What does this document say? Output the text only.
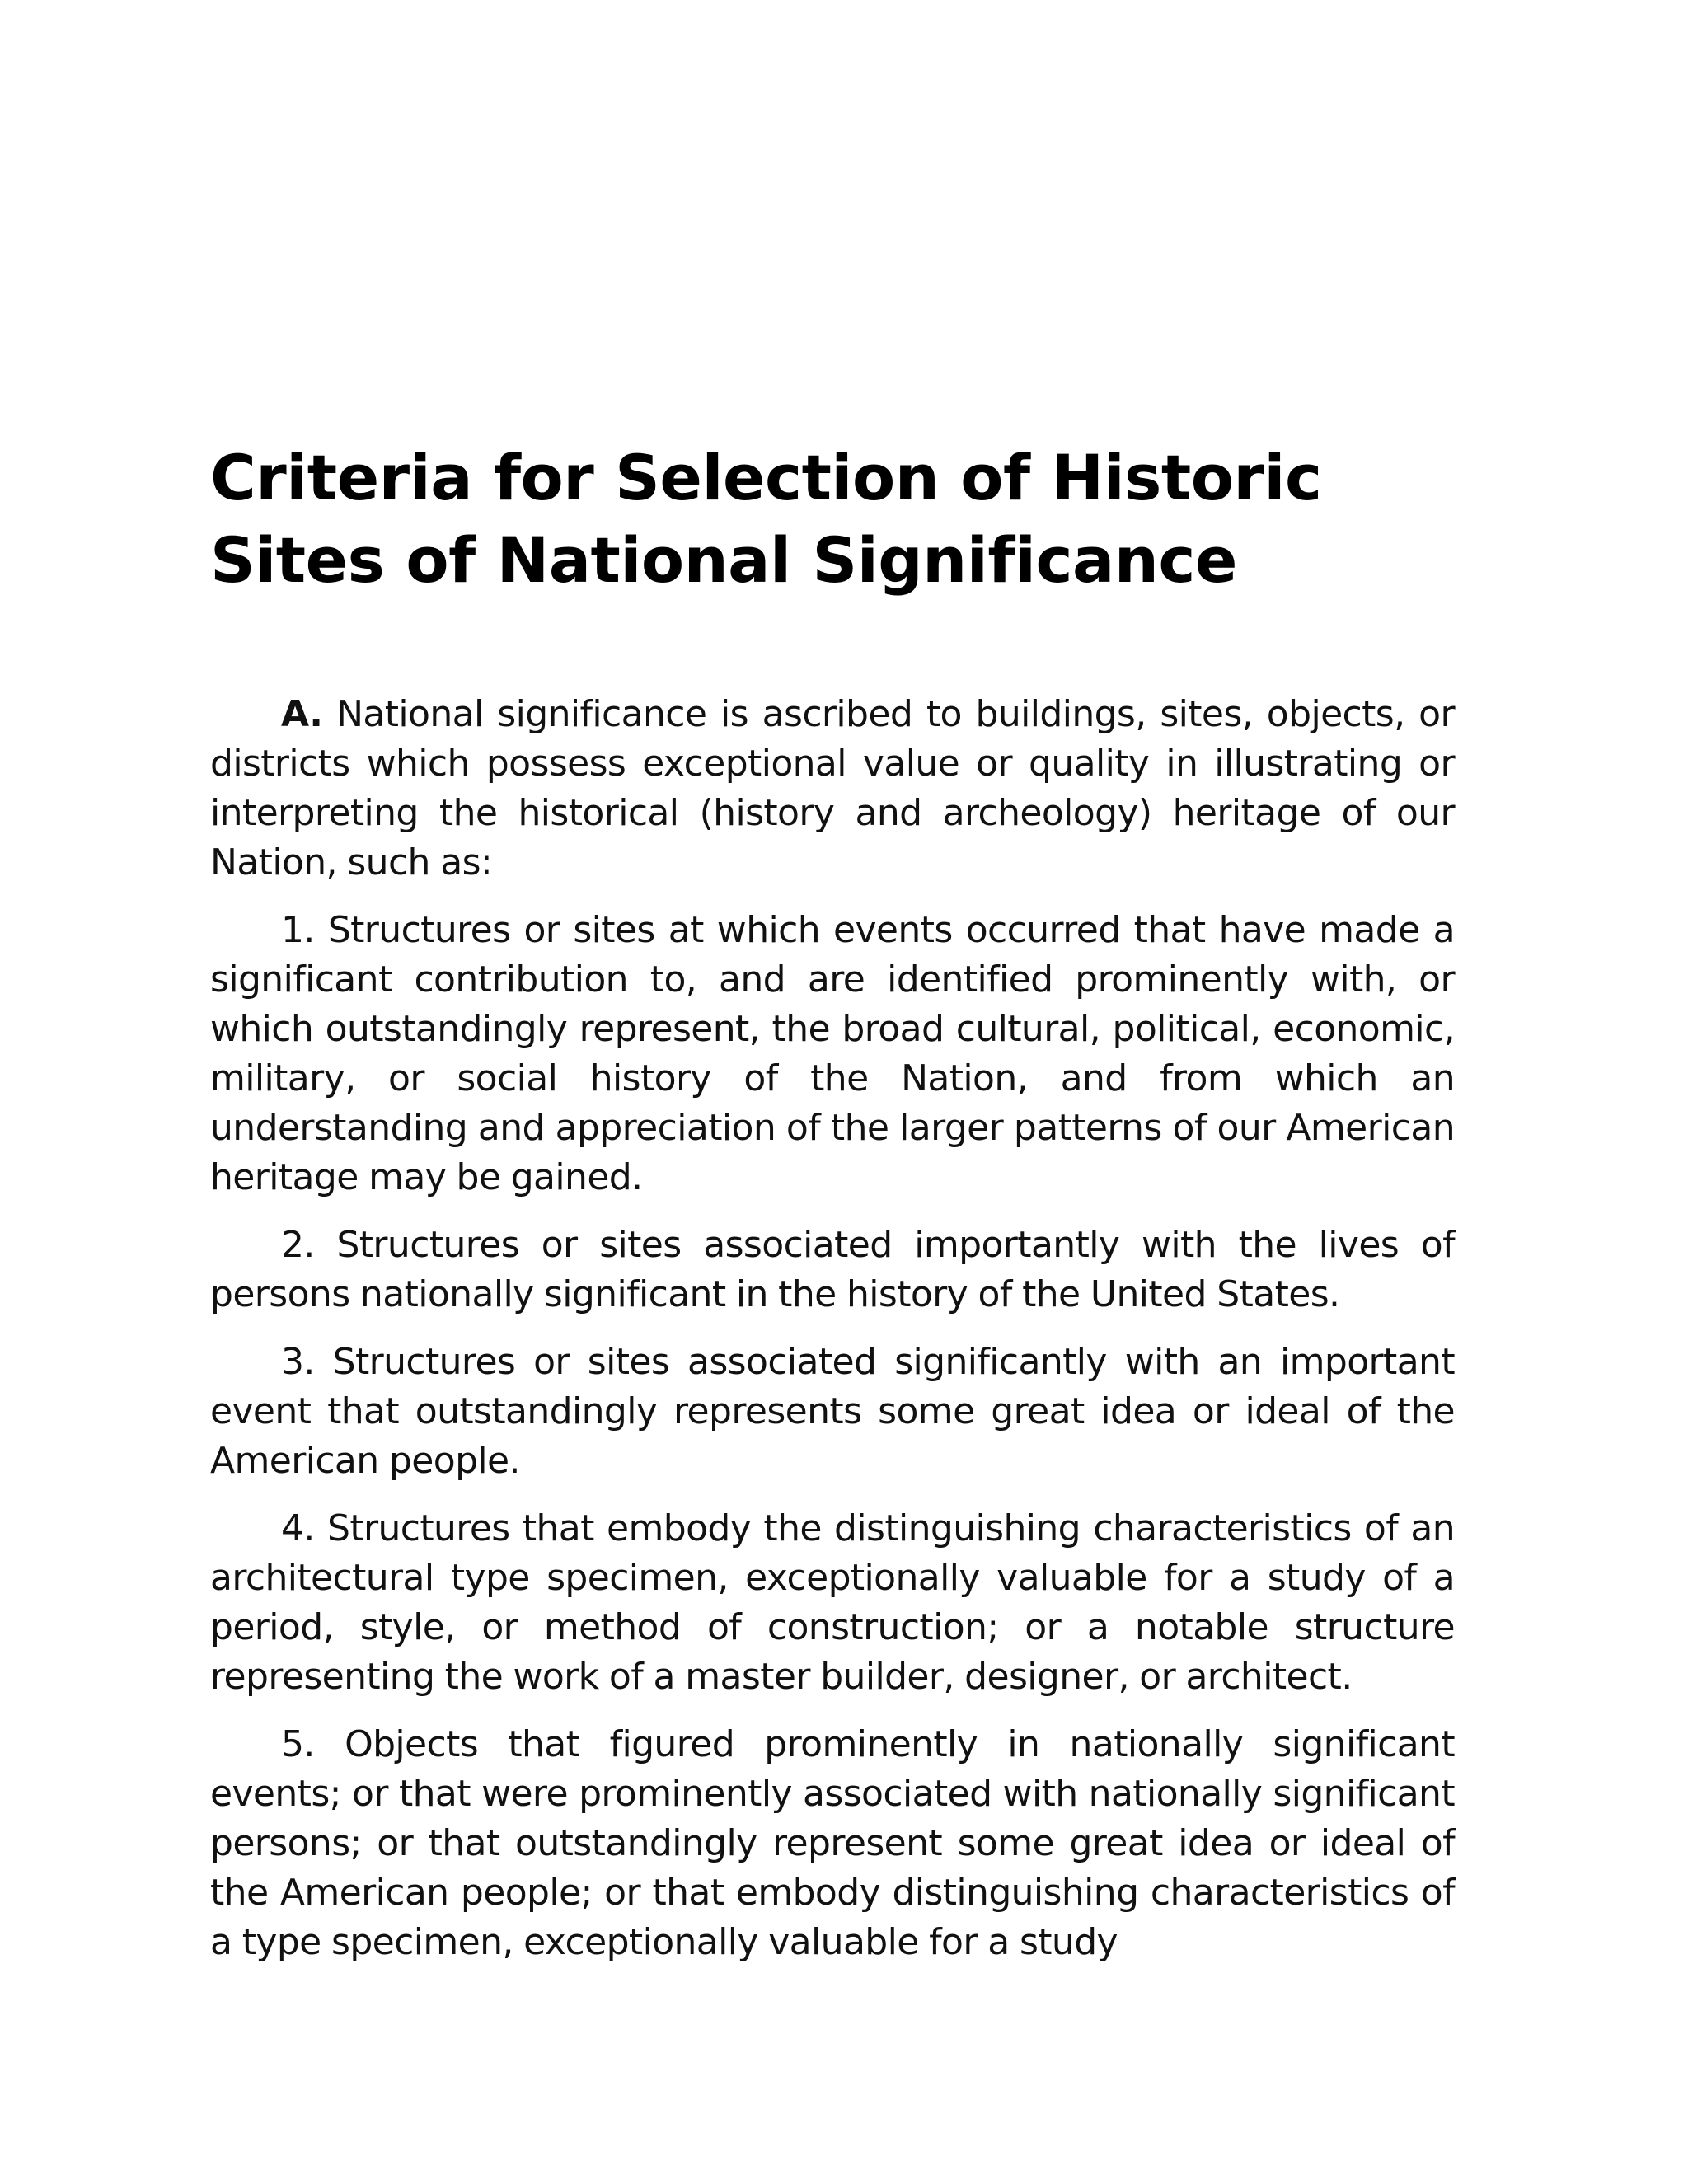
Criteria for Selection of Historic
Sites of National Significance

A. National significance is ascribed to buildings, sites, objects, or districts which possess exceptional value or quality in illustrating or interpreting the historical (history and archeology) heritage of our Nation, such as:

1. Structures or sites at which events occurred that have made a significant contribution to, and are identified prominently with, or which outstandingly represent, the broad cultural, political, economic, military, or social history of the Nation, and from which an understanding and appreciation of the larger patterns of our American heritage may be gained.

2. Structures or sites associated importantly with the lives of persons nationally significant in the history of the United States.

3. Structures or sites associated significantly with an important event that outstandingly represents some great idea or ideal of the American people.

4. Structures that embody the distinguishing characteristics of an architectural type specimen, exceptionally valuable for a study of a period, style, or method of construction; or a notable structure representing the work of a master builder, designer, or architect.

5. Objects that figured prominently in nationally significant events; or that were prominently associated with nationally significant persons; or that outstandingly represent some great idea or ideal of the American people; or that embody distinguishing characteristics of a type specimen, exceptionally valuable for a study
